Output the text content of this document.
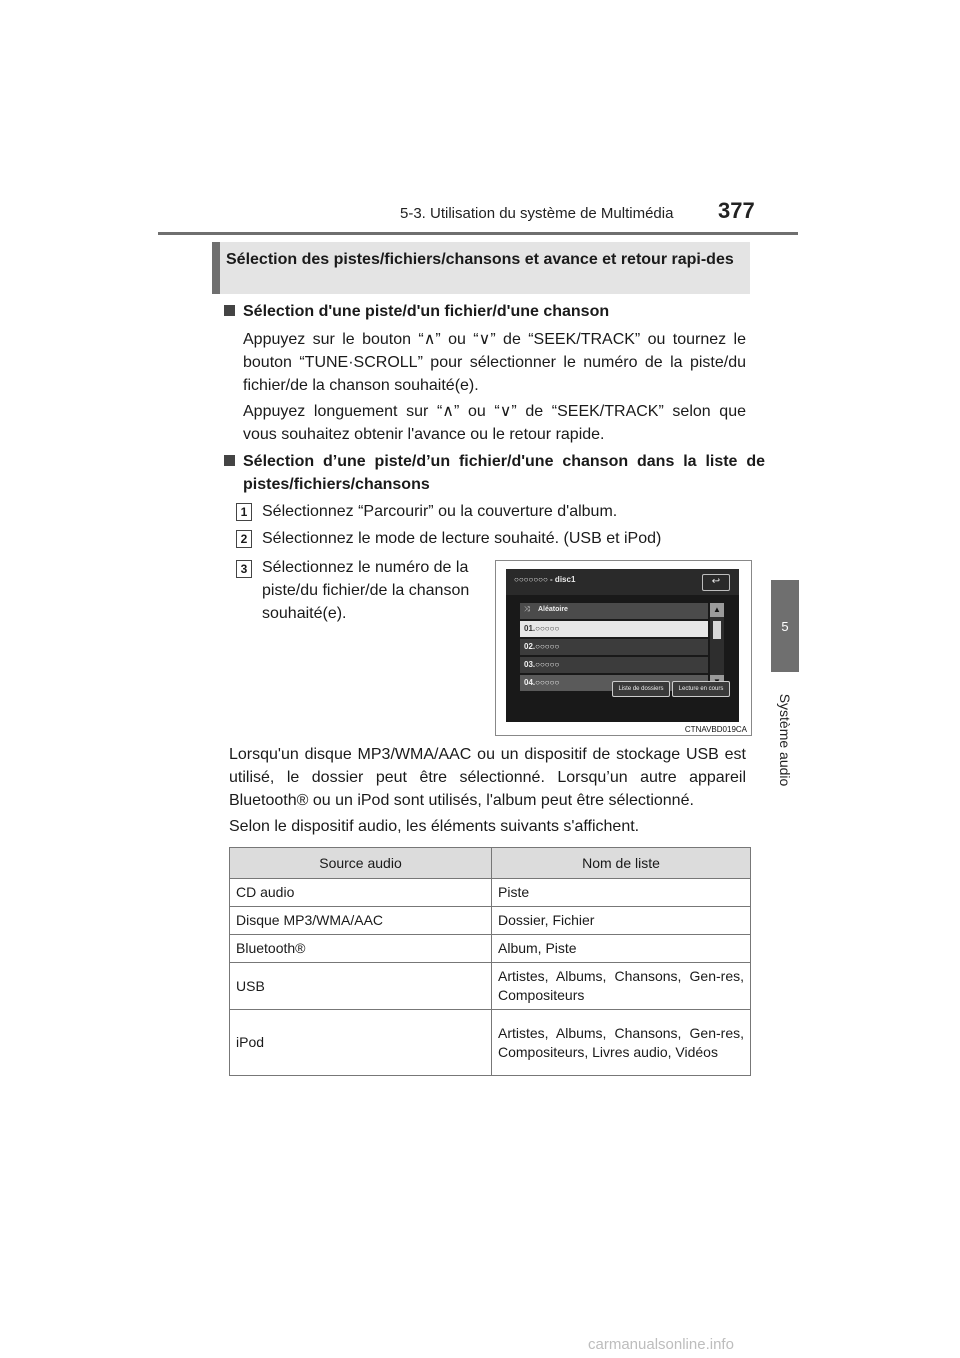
5-3. Utilisation du système de Multimédia 377
5
Système audio
Sélection des pistes/fichiers/chansons et avance et retour rapi-des
Sélection d'une piste/d'un fichier/d'une chanson
Appuyez sur le bouton “∧” ou “∨” de “SEEK/TRACK” ou tournez le bouton “TUNE·SCROLL” pour sélectionner le numéro de la piste/du fichier/de la chanson souhaité(e).
Appuyez longuement sur “∧” ou “∨” de “SEEK/TRACK” selon que vous souhaitez obtenir l'avance ou le retour rapide.
Sélection d’une piste/d’un fichier/d'une chanson dans la liste de pistes/fichiers/chansons
1 Sélectionnez “Parcourir” ou la couverture d'album.
2 Sélectionnez le mode de lecture souhaité. (USB et iPod)
3 Sélectionnez le numéro de la piste/du fichier/de la chanson souhaité(e).
○○○○○○○ - disc1	↩
⤨ Aléatoire
01.○○○○○
02.○○○○○
03.○○○○○
04.○○○○○
▲
Liste de dossiers	Lecture en cours
CTNAVBD019CA
Lorsqu'un disque MP3/WMA/AAC ou un dispositif de stockage USB est utilisé, le dossier peut être sélectionné. Lorsqu’un autre appareil Bluetooth® ou un iPod sont utilisés, l'album peut être sélectionné.
Selon le dispositif audio, les éléments suivants s'affichent.
Source audio	Nom de liste
CD audio	Piste
Disque MP3/WMA/AAC	Dossier, Fichier
Bluetooth®	Album, Piste
USB	Artistes, Albums, Chansons, Gen-res, Compositeurs
iPod	Artistes, Albums, Chansons, Gen-res, Compositeurs, Livres audio, Vidéos
carmanualsonline.info
